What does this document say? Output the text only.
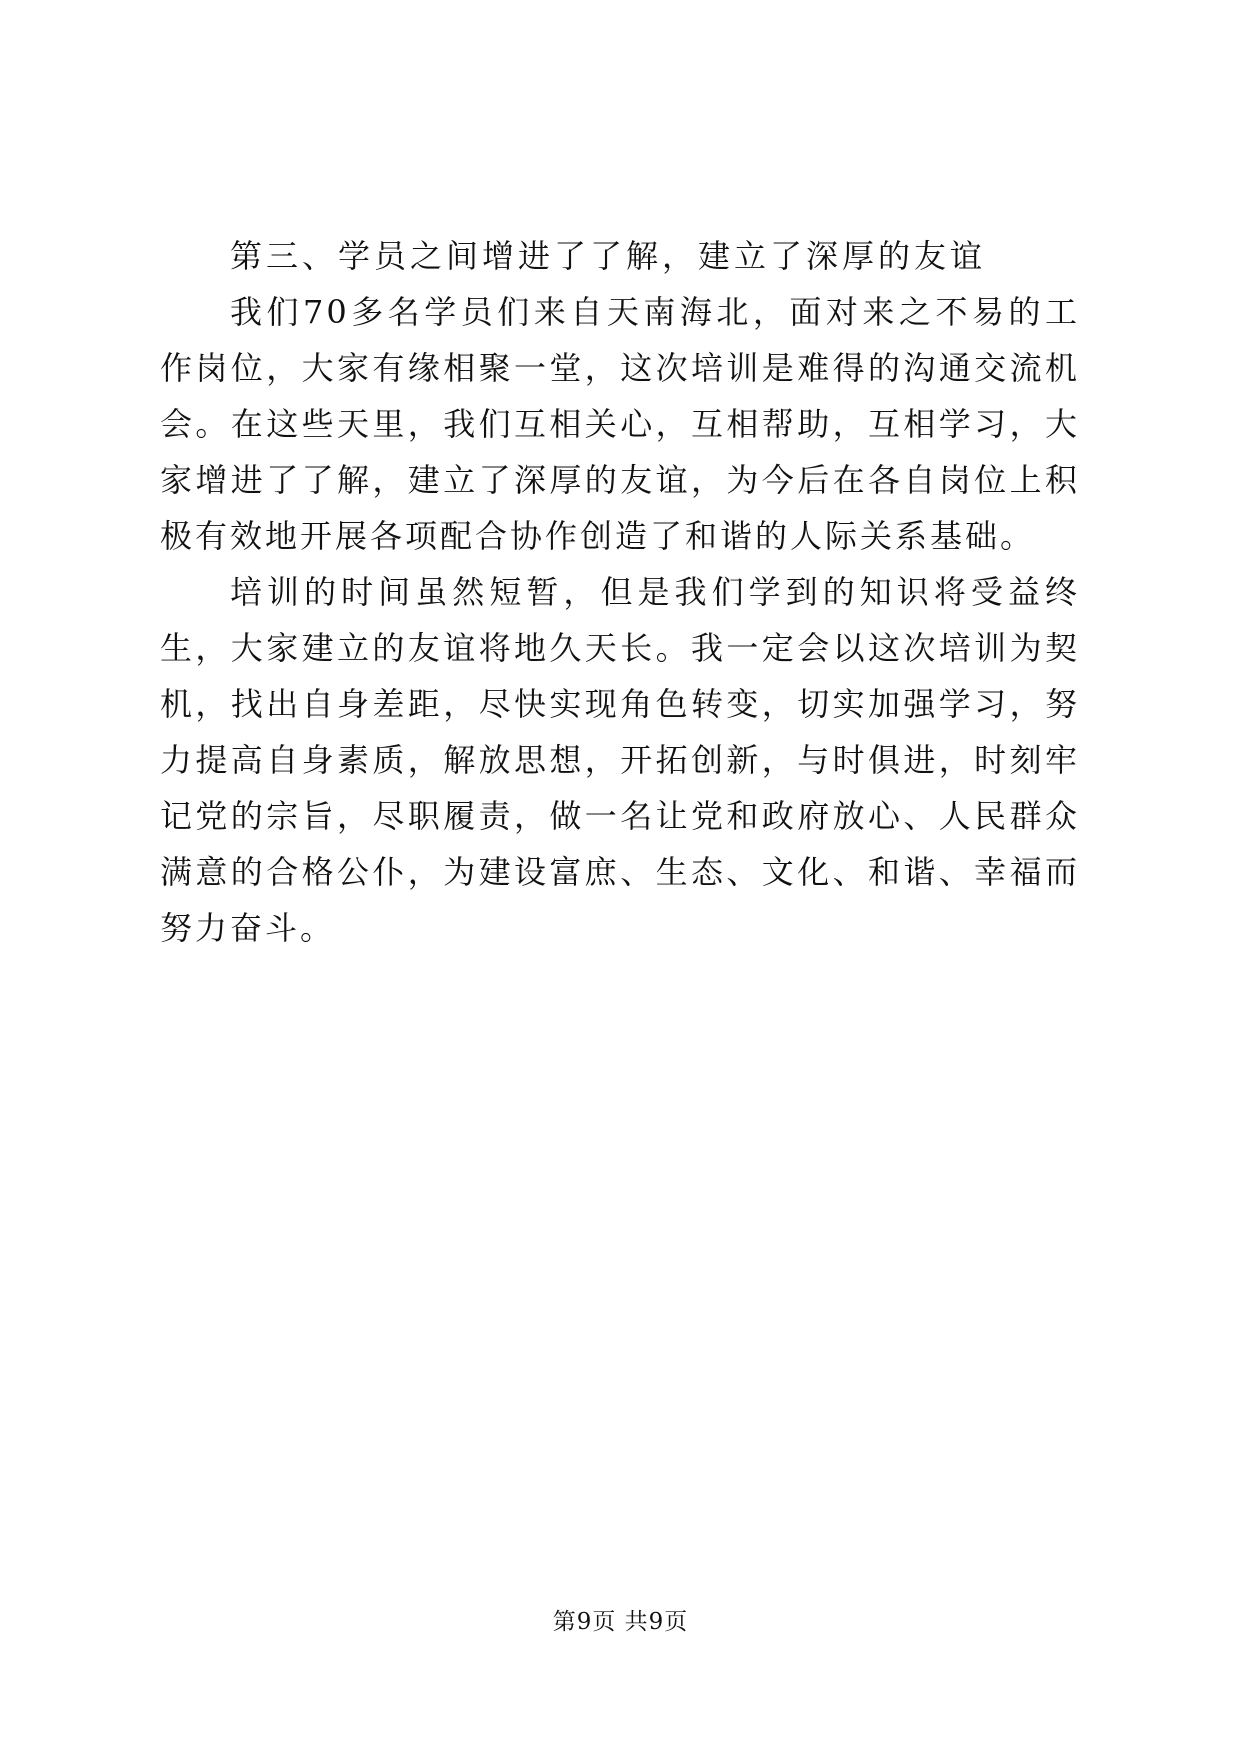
第三、学员之间增进了了解，建立了深厚的友谊

我们70多名学员们来自天南海北，面对来之不易的工作岗位，大家有缘相聚一堂，这次培训是难得的沟通交流机会。在这些天里，我们互相关心，互相帮助，互相学习，大家增进了了解，建立了深厚的友谊，为今后在各自岗位上积极有效地开展各项配合协作创造了和谐的人际关系基础。

培训的时间虽然短暂，但是我们学到的知识将受益终生，大家建立的友谊将地久天长。我一定会以这次培训为契机，找出自身差距，尽快实现角色转变，切实加强学习，努力提高自身素质，解放思想，开拓创新，与时俱进，时刻牢记党的宗旨，尽职履责，做一名让党和政府放心、人民群众满意的合格公仆，为建设富庶、生态、文化、和谐、幸福而努力奋斗。

第9页 共9页
